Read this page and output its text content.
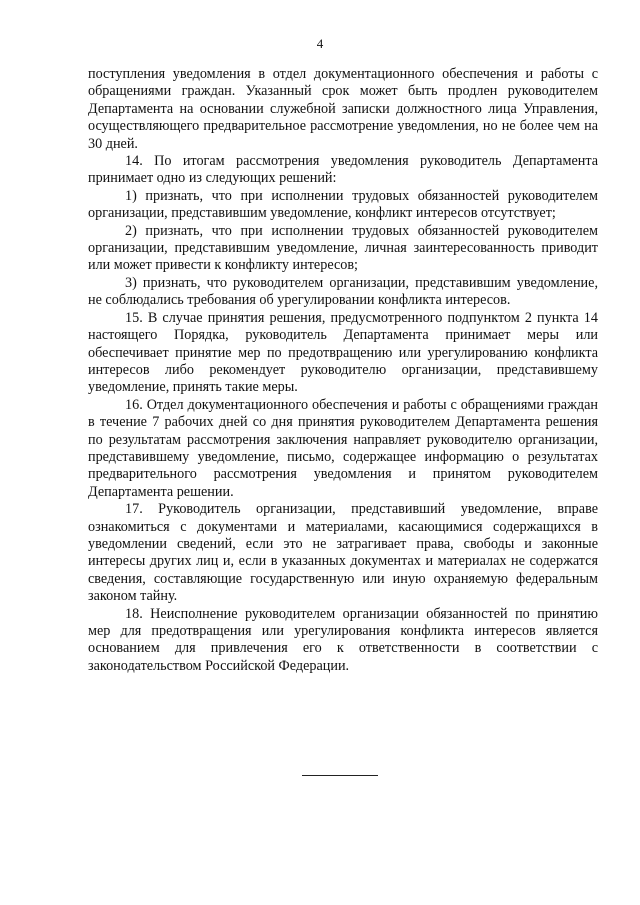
4

поступления уведомления в отдел документационного обеспечения и работы с обращениями граждан. Указанный срок может быть продлен руководителем Департамента на основании служебной записки должностного лица Управления, осуществляющего предварительное рассмотрение уведомления, но не более чем на 30 дней.

14. По итогам рассмотрения уведомления руководитель Департамента принимает одно из следующих решений:

1) признать, что при исполнении трудовых обязанностей руководителем организации, представившим уведомление, конфликт интересов отсутствует;

2) признать, что при исполнении трудовых обязанностей руководителем организации, представившим уведомление, личная заинтересованность приводит или может привести к конфликту интересов;

3) признать, что руководителем организации, представившим уведомление, не соблюдались требования об урегулировании конфликта интересов.

15. В случае принятия решения, предусмотренного подпунктом 2 пункта 14 настоящего Порядка, руководитель Департамента принимает меры или обеспечивает принятие мер по предотвращению или урегулированию конфликта интересов либо рекомендует руководителю организации, представившему уведомление, принять такие меры.

16. Отдел документационного обеспечения и работы с обращениями граждан в течение 7 рабочих дней со дня принятия руководителем Департамента решения по результатам рассмотрения заключения направляет руководителю организации, представившему уведомление, письмо, содержащее информацию о результатах предварительного рассмотрения уведомления и принятом руководителем Департамента решении.

17. Руководитель организации, представивший уведомление, вправе ознакомиться с документами и материалами, касающимися содержащихся в уведомлении сведений, если это не затрагивает права, свободы и законные интересы других лиц и, если в указанных документах и материалах не содержатся сведения, составляющие государственную или иную охраняемую федеральным законом тайну.

18. Неисполнение руководителем организации обязанностей по принятию мер для предотвращения или урегулирования конфликта интересов является основанием для привлечения его к ответственности в соответствии с законодательством Российской Федерации.
